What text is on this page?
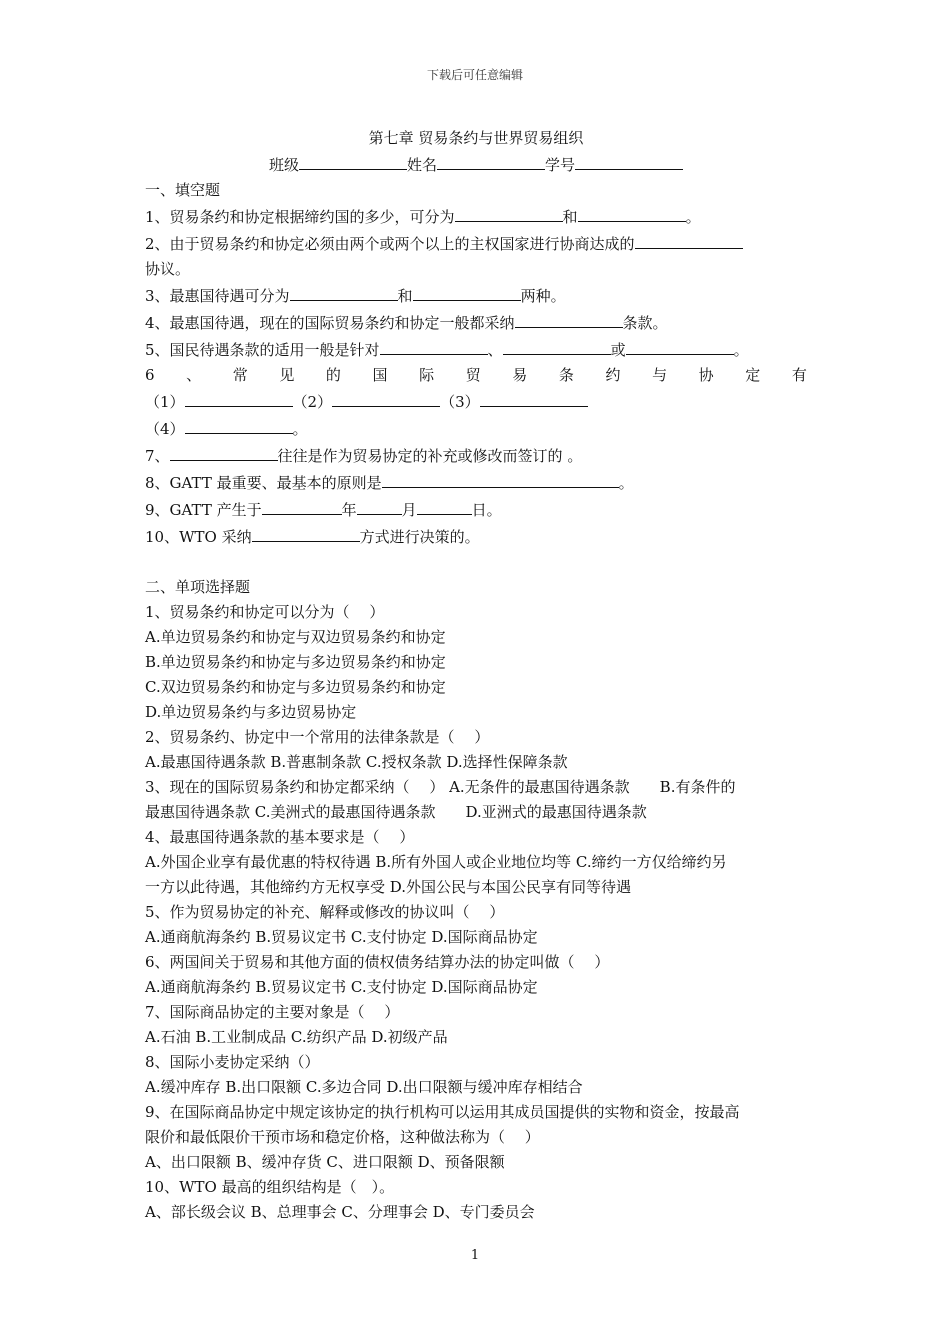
下载后可任意编辑

第七章 贸易条约与世界贸易组织

班级	姓名	学号

一、填空题

1、贸易条约和协定根据缔约国的多少，可分为	和	。

2、由于贸易条约和协定必须由两个或两个以上的主权国家进行协商达成的

协议。

3、最惠国待遇可分为	和	两种。

4、最惠国待遇，现在的国际贸易条约和协定一般都采纳	条款。

5、国民待遇条款的适用一般是针对	、	或	。

6 、 常 见 的 国 际 贸 易 条 约 与 协 定 有

（1）	（2）	（3）

（4）	。

7、	往往是作为贸易协定的补充或修改而签订的 。

8、GATT 最重要、最基本的原则是	。

9、GATT 产生于	年	月	日。

10、WTO 采纳	方式进行决策的。

二、单项选择题

1、贸易条约和协定可以分为（　 ）

A.单边贸易条约和协定与双边贸易条约和协定

B.单边贸易条约和协定与多边贸易条约和协定

C.双边贸易条约和协定与多边贸易条约和协定

D.单边贸易条约与多边贸易协定

2、贸易条约、协定中一个常用的法律条款是（　 ）

A.最惠国待遇条款 B.普惠制条款 C.授权条款 D.选择性保障条款

3、现在的国际贸易条约和协定都采纳（　 ） A.无条件的最惠国待遇条款　　B.有条件的

最惠国待遇条款 C.美洲式的最惠国待遇条款　　D.亚洲式的最惠国待遇条款

4、最惠国待遇条款的基本要求是（　 ）

A.外国企业享有最优惠的特权待遇 B.所有外国人或企业地位均等 C.缔约一方仅给缔约另

一方以此待遇，其他缔约方无权享受 D.外国公民与本国公民享有同等待遇

5、作为贸易协定的补充、解释或修改的协议叫（　 ）

A.通商航海条约 B.贸易议定书 C.支付协定 D.国际商品协定

6、两国间关于贸易和其他方面的债权债务结算办法的协定叫做（　 ）

A.通商航海条约 B.贸易议定书 C.支付协定 D.国际商品协定

7、国际商品协定的主要对象是（　 ）

A.石油 B.工业制成品 C.纺织产品 D.初级产品

8、国际小麦协定采纳（）

A.缓冲库存 B.出口限额 C.多边合同 D.出口限额与缓冲库存相结合

9、在国际商品协定中规定该协定的执行机构可以运用其成员国提供的实物和资金，按最高

限价和最低限价干预市场和稳定价格，这种做法称为（　 ）

A、出口限额 B、缓冲存货 C、进口限额 D、预备限额

10、WTO 最高的组织结构是（　）。

A、部长级会议 B、总理事会 C、分理事会 D、专门委员会

1
